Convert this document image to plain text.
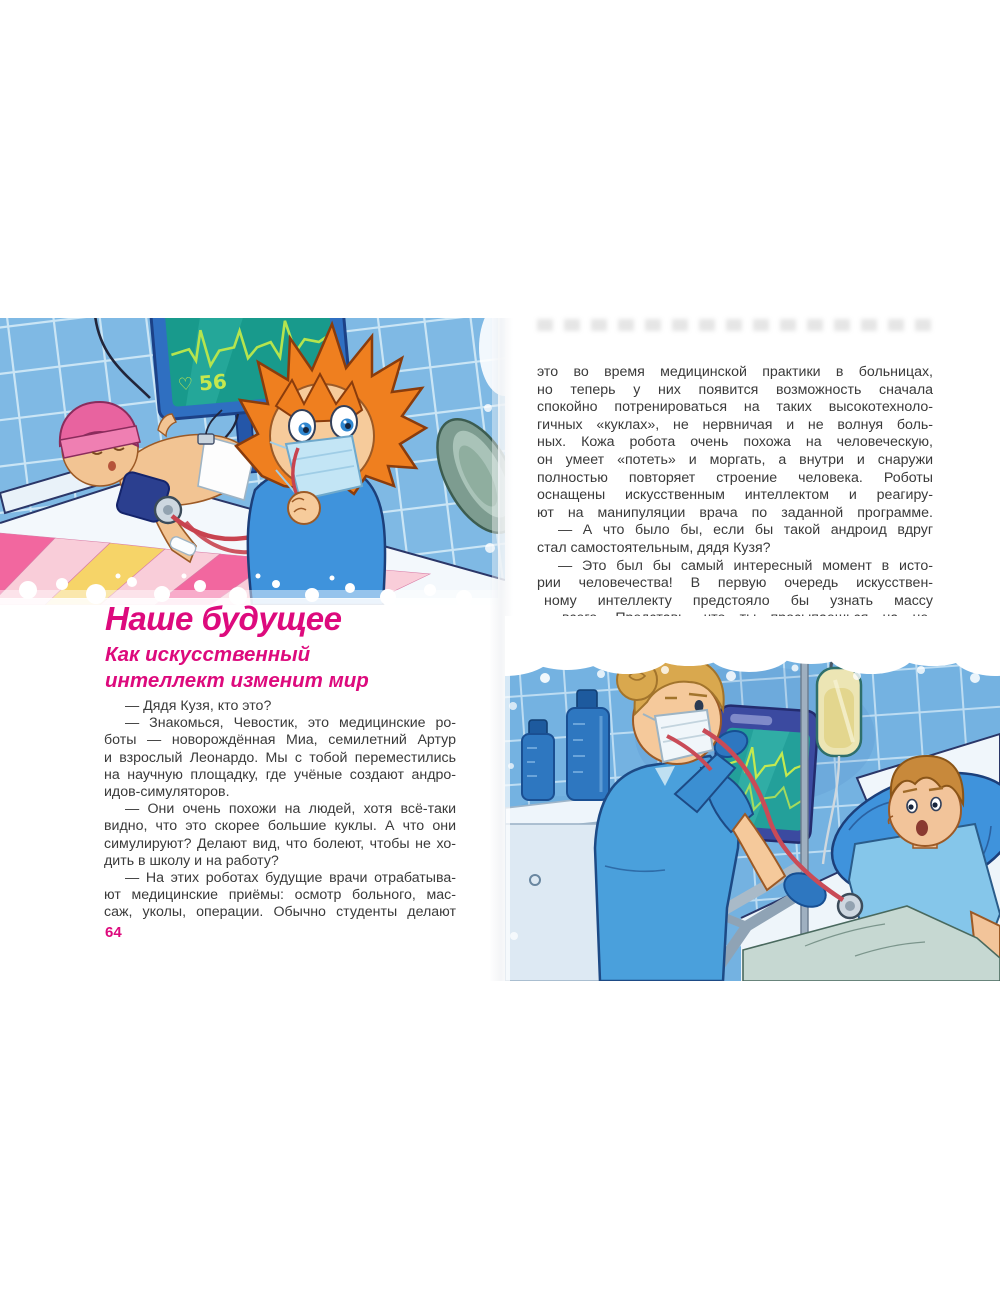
♡ 56
Наше будущее
Как искусственный интеллект изменит мир
— Дядя Кузя, кто это?
— Знакомься, Чевостик, это медицинские ро-
боты — новорождённая Миа, семилетний Артур
и взрослый Леонардо. Мы с тобой переместились
на научную площадку, где учёные создают андро-
идов-симуляторов.
— Они очень похожи на людей, хотя всё-таки
видно, что это скорее большие куклы. А что они
симулируют? Делают вид, что болеют, чтобы не хо-
дить в школу и на работу?
— На этих роботах будущие врачи отрабатыва-
ют медицинские приёмы: осмотр больного, мас-
саж, уколы, операции. Обычно студенты делают
64
это во время медицинской практики в больницах,
но теперь у них появится возможность сначала
спокойно потренироваться на таких высокотехноло-
гичных «куклах», не нервничая и не волнуя боль-
ных. Кожа робота очень похожа на человеческую,
он умеет «потеть» и моргать, а внутри и снаружи
полностью повторяет строение человека. Роботы
оснащены искусственным интеллектом и реагиру-
ют на манипуляции врача по заданной программе.
— А что было бы, если бы такой андроид вдруг
стал самостоятельным, дядя Кузя?
— Это был бы самый интересный момент в исто-
рии человечества! В первую очередь искусствен-
ному интеллекту предстояло бы узнать массу
